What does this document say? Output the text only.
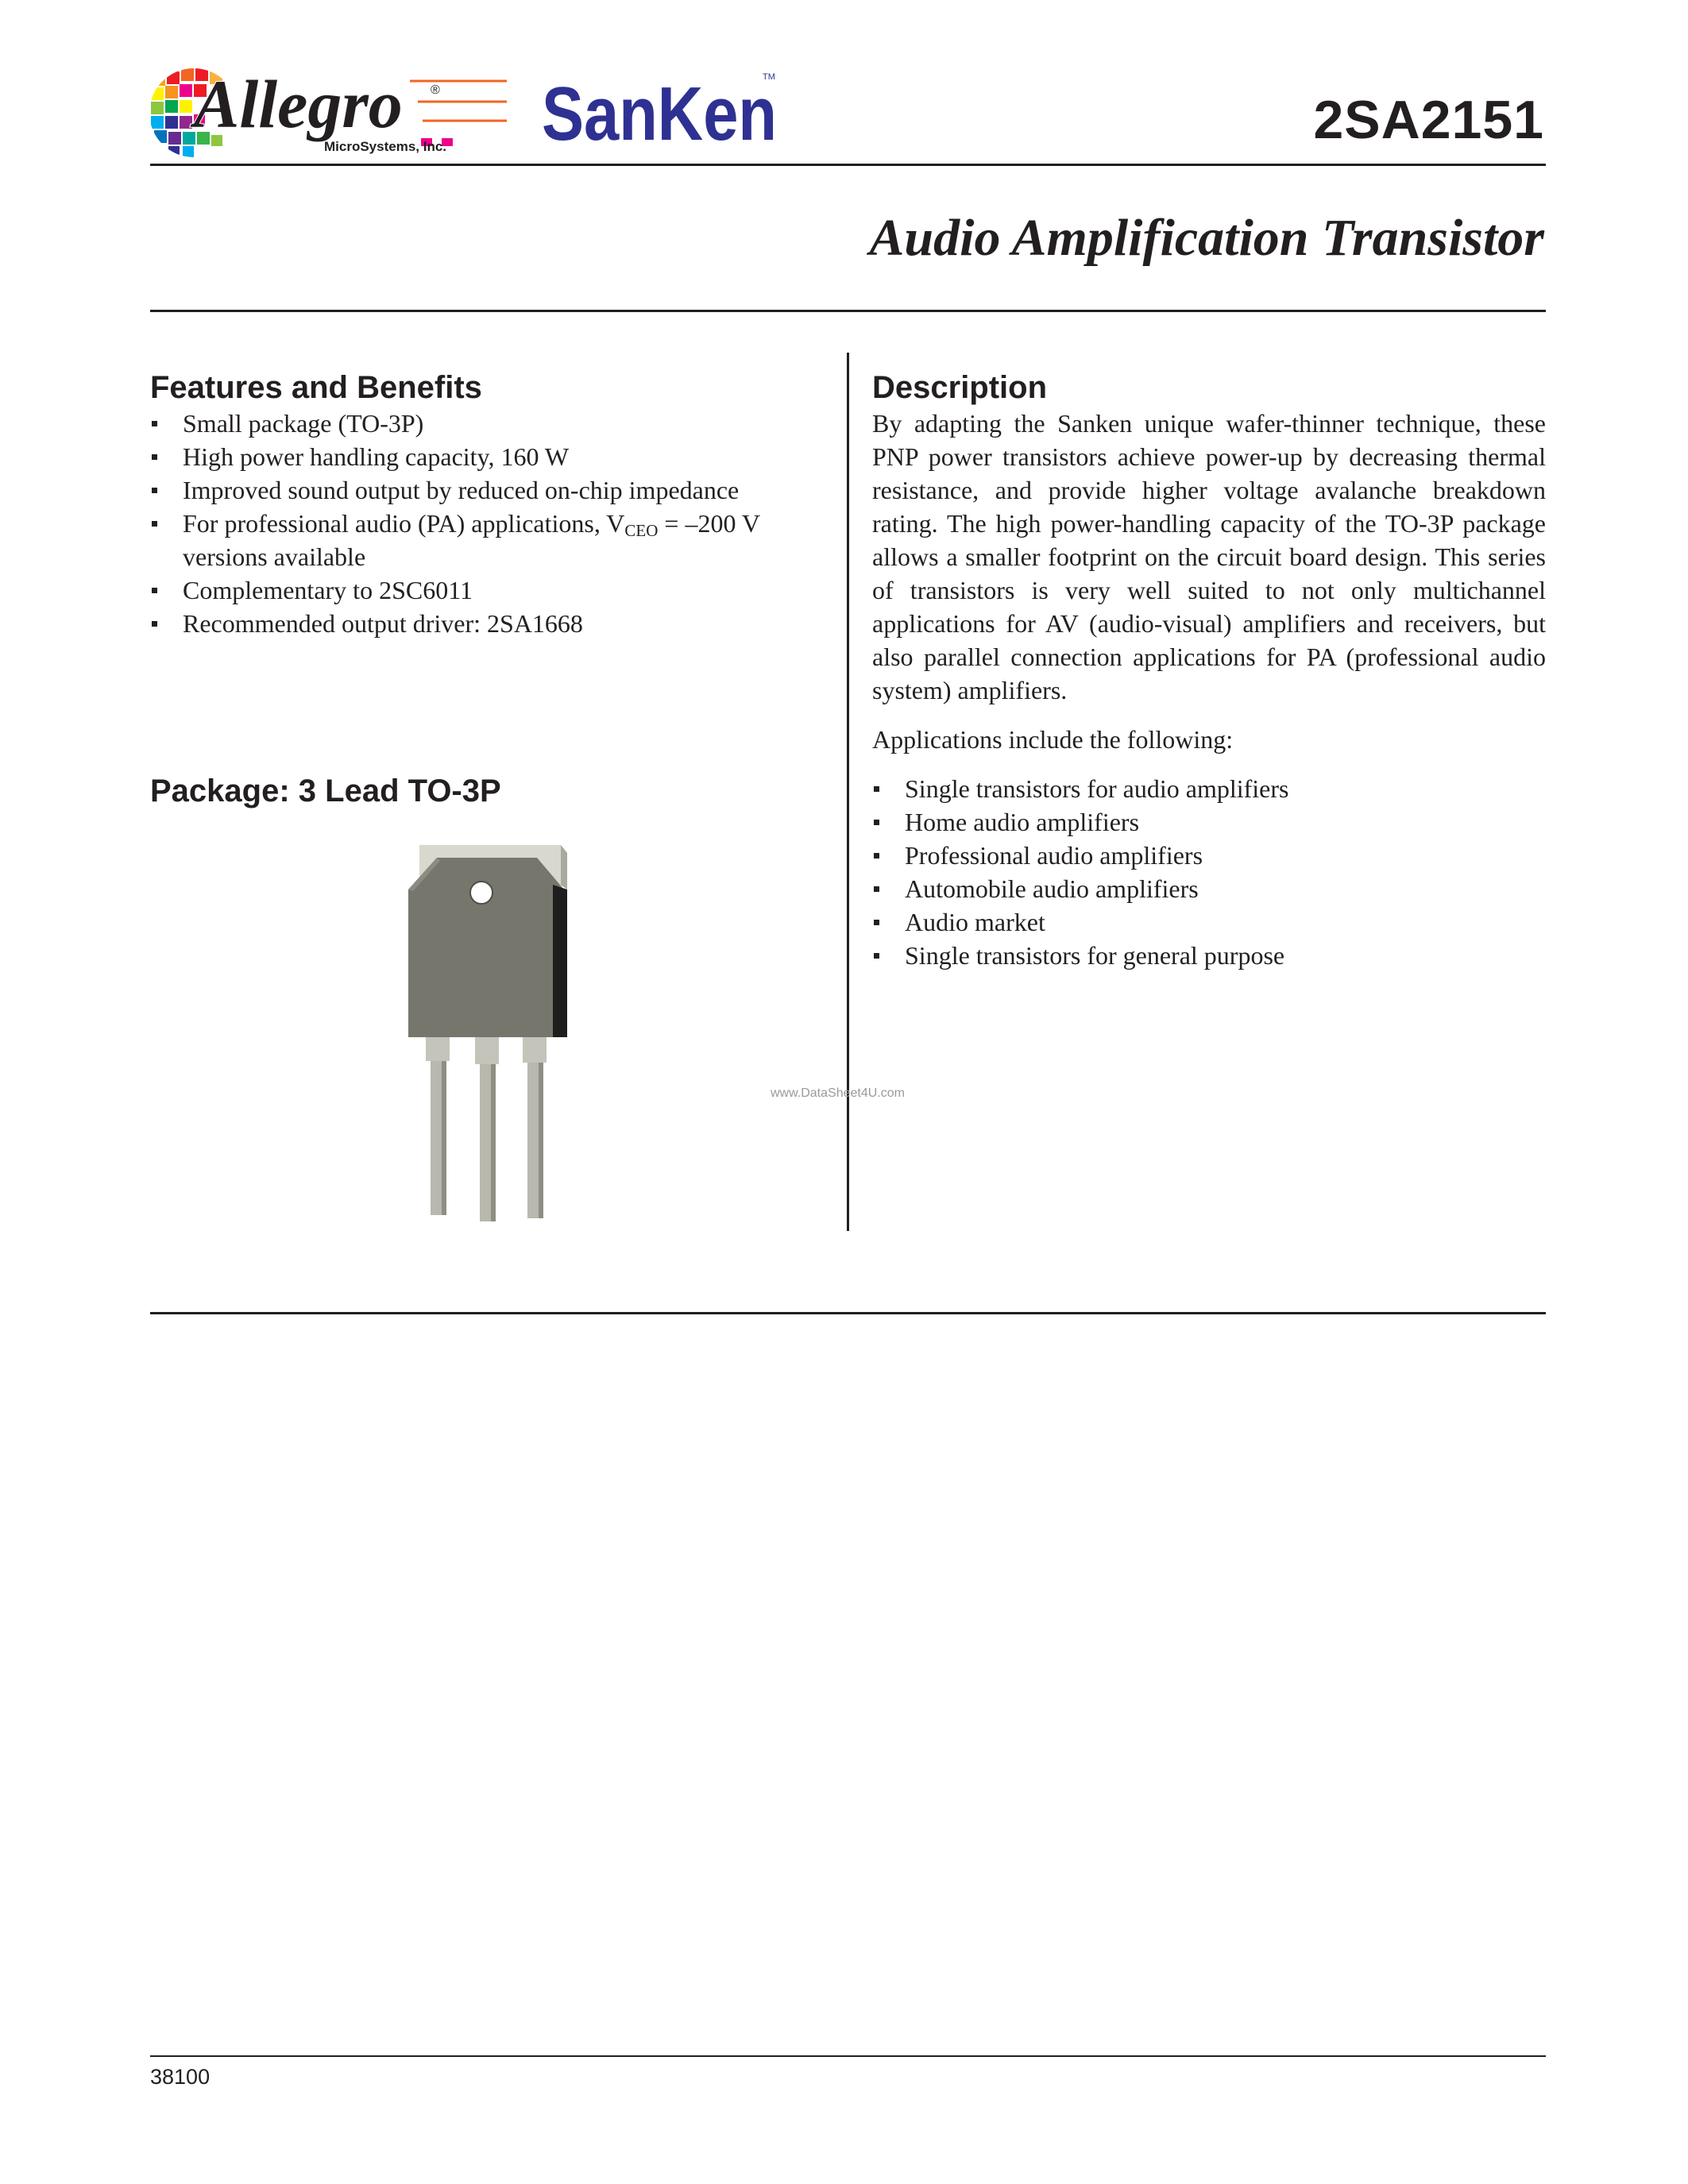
Allegro ®
MicroSystems, Inc. SanKen
TM
2SA2151

Audio Amplification Transistor

Features and Benefits
Small package (TO-3P)
High power handling capacity, 160 W
Improved sound output by reduced on-chip impedance
For professional audio (PA) applications, $V_{CEO} = -200$ V versions available
Complementary to 2SC6011
Recommended output driver: 2SA1668
Package: 3 Lead TO-3P
Description

By adapting the Sanken unique wafer-thinner technique, these PNP power transistors achieve power-up by decreasing thermal resistance, and provide higher voltage avalanche breakdown rating. The high power-handling capacity of the TO-3P package allows a smaller footprint on the circuit board design. This series of transistors is very well suited to not only multichannel applications for AV (audio-visual) amplifiers and receivers, but also parallel connection applications for PA (professional audio system) amplifiers.

Applications include the following:

Single transistors for audio amplifiers
Home audio amplifiers
Professional audio amplifiers
Automobile audio amplifiers
Audio market
Single transistors for general purpose
www.DataSheet4U.com
38100
